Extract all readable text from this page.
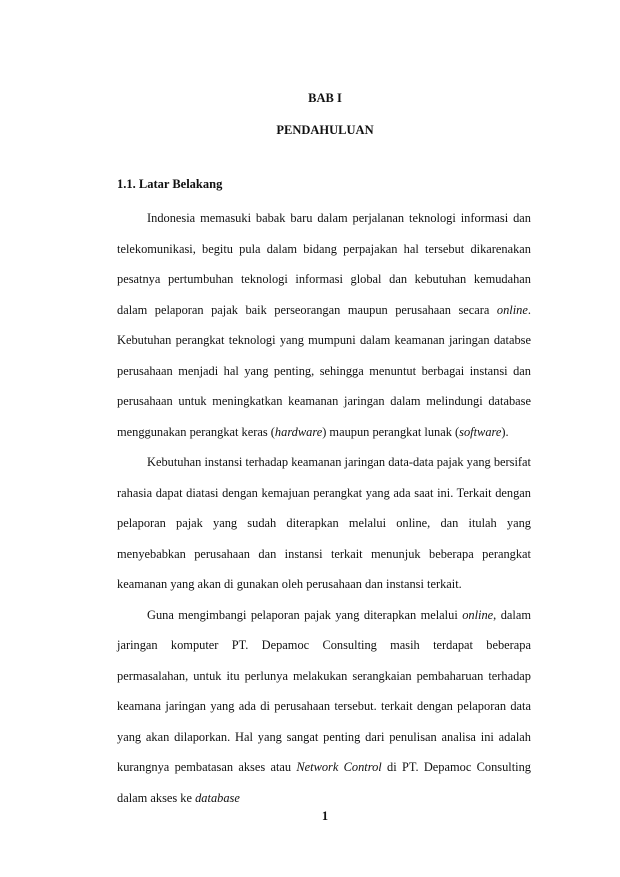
BAB I
PENDAHULUAN
1.1. Latar Belakang

Indonesia memasuki babak baru dalam perjalanan teknologi informasi dan telekomunikasi, begitu pula dalam bidang perpajakan hal tersebut dikarenakan pesatnya pertumbuhan teknologi informasi global dan kebutuhan kemudahan dalam pelaporan pajak baik perseorangan maupun perusahaan secara online. Kebutuhan perangkat teknologi yang mumpuni dalam keamanan jaringan databse perusahaan menjadi hal yang penting, sehingga menuntut berbagai instansi dan perusahaan untuk meningkatkan keamanan jaringan dalam melindungi database menggunakan perangkat keras (hardware) maupun perangkat lunak (software).

Kebutuhan instansi terhadap keamanan jaringan data-data pajak yang bersifat rahasia dapat diatasi dengan kemajuan perangkat yang ada saat ini. Terkait dengan pelaporan pajak yang sudah diterapkan melalui online, dan itulah yang menyebabkan perusahaan dan instansi terkait menunjuk beberapa perangkat keamanan yang akan di gunakan oleh perusahaan dan instansi terkait.

Guna mengimbangi pelaporan pajak yang diterapkan melalui online, dalam jaringan komputer PT. Depamoc Consulting masih terdapat beberapa permasalahan, untuk itu perlunya melakukan serangkaian pembaharuan terhadap keamana jaringan yang ada di perusahaan tersebut. terkait dengan pelaporan data yang akan dilaporkan. Hal yang sangat penting dari penulisan analisa ini adalah kurangnya pembatasan akses atau Network Control di PT. Depamoc Consulting dalam akses ke database

1
